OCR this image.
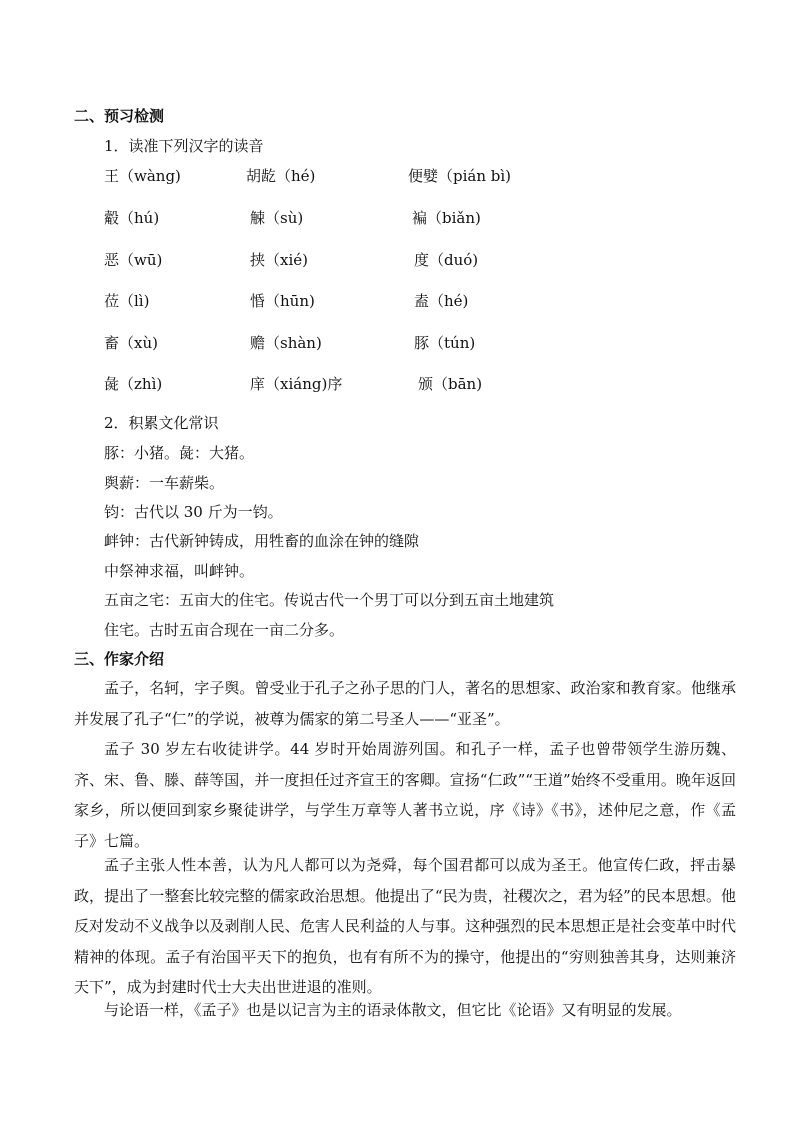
二、预习检测
1．读准下列汉字的读音
王（wàng)	胡龁（hé)	便嬖（pián bì)
觳（hú)	觫（sù)	褊（biǎn)
恶（wū)	挟（xié)	度（duó)
莅（lì)	惛（hūn)	盍（hé)
畜（xù)	赡（shàn)	豚（tún)
彘（zhì)	庠（xiáng)序	颁（bān)
2．积累文化常识
豚：小猪。彘：大猪。
舆薪：一车薪柴。
钧：古代以 30 斤为一钧。
衅钟：古代新钟铸成，用牲畜的血涂在钟的缝隙
中祭神求福，叫衅钟。
五亩之宅：五亩大的住宅。传说古代一个男丁可以分到五亩土地建筑
住宅。古时五亩合现在一亩二分多。
三、作家介绍
孟子，名轲，字子舆。曾受业于孔子之孙子思的门人，著名的思想家、政治家和教育家。他继承并发展了孔子“仁”的学说，被尊为儒家的第二号圣人——“亚圣”。
孟子 30 岁左右收徒讲学。44 岁时开始周游列国。和孔子一样，孟子也曾带领学生游历魏、齐、宋、鲁、滕、薛等国，并一度担任过齐宣王的客卿。宣扬“仁政”“王道”始终不受重用。晚年返回家乡，所以便回到家乡聚徒讲学，与学生万章等人著书立说，序《诗》《书》，述仲尼之意，作《孟子》七篇。
孟子主张人性本善，认为凡人都可以为尧舜，每个国君都可以成为圣王。他宣传仁政，抨击暴政，提出了一整套比较完整的儒家政治思想。他提出了“民为贵，社稷次之，君为轻”的民本思想。他反对发动不义战争以及剥削人民、危害人民利益的人与事。这种强烈的民本思想正是社会变革中时代精神的体现。孟子有治国平天下的抱负，也有有所不为的操守，他提出的“穷则独善其身，达则兼济天下”，成为封建时代士大夫出世进退的准则。
与论语一样，《孟子》也是以记言为主的语录体散文，但它比《论语》又有明显的发展。
